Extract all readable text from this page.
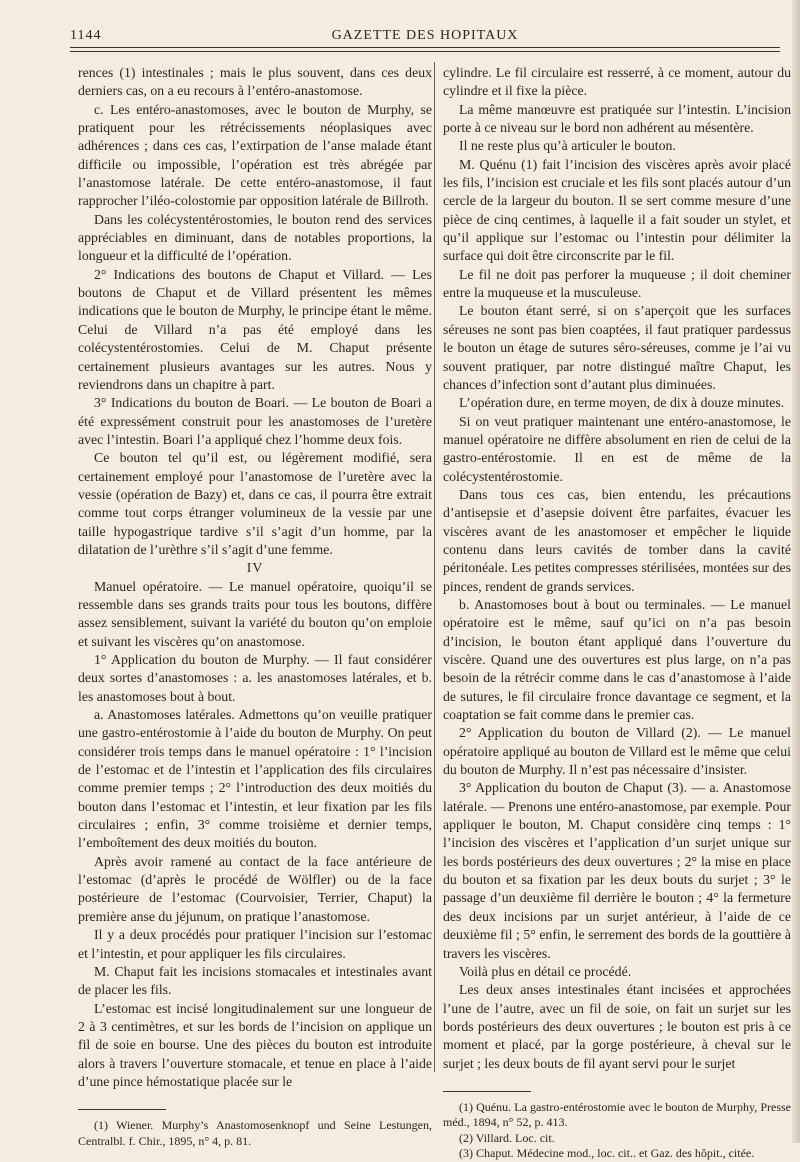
1144	GAZETTE DES HOPITAUX

rences (1) intestinales ; mais le plus souvent, dans ces deux derniers cas, on a eu recours à l’entéro-anastomose.

c. Les entéro-anastomoses, avec le bouton de Murphy, se pratiquent pour les rétrécissements néoplasiques avec adhérences ; dans ces cas, l’extirpation de l’anse malade étant difficile ou impossible, l’opération est très abrégée par l’anastomose latérale. De cette entéro-anastomose, il faut rapprocher l’iléo-colostomie par opposition latérale de Billroth.

Dans les colécystentérostomies, le bouton rend des services appréciables en diminuant, dans de notables proportions, la longueur et la difficulté de l’opération.

2° Indications des boutons de Chaput et Villard. — Les boutons de Chaput et de Villard présentent les mêmes indications que le bouton de Murphy, le principe étant le même. Celui de Villard n’a pas été employé dans les colécystentérostomies. Celui de M. Chaput présente certainement plusieurs avantages sur les autres. Nous y reviendrons dans un chapitre à part.

3° Indications du bouton de Boari. — Le bouton de Boari a été expressément construit pour les anastomoses de l’uretère avec l’intestin. Boari l’a appliqué chez l’homme deux fois.

Ce bouton tel qu’il est, ou légèrement modifié, sera certainement employé pour l’anastomose de l’uretère avec la vessie (opération de Bazy) et, dans ce cas, il pourra être extrait comme tout corps étranger volumineux de la vessie par une taille hypogastrique tardive s’il s’agit d’un homme, par la dilatation de l’urèthre s’il s’agit d’une femme.

IV

Manuel opératoire. — Le manuel opératoire, quoiqu’il se ressemble dans ses grands traits pour tous les boutons, diffère assez sensiblement, suivant la variété du bouton qu’on emploie et suivant les viscères qu’on anastomose.

1° Application du bouton de Murphy. — Il faut considérer deux sortes d’anastomoses : a. les anastomoses latérales, et b. les anastomoses bout à bout.

a. Anastomoses latérales. Admettons qu’on veuille pratiquer une gastro-entérostomie à l’aide du bouton de Murphy. On peut considérer trois temps dans le manuel opératoire : 1° l’incision de l’estomac et de l’intestin et l’application des fils circulaires comme premier temps ; 2° l’introduction des deux moitiés du bouton dans l’estomac et l’intestin, et leur fixation par les fils circulaires ; enfin, 3° comme troisième et dernier temps, l’emboîtement des deux moitiés du bouton.

Après avoir ramené au contact de la face antérieure de l’estomac (d’après le procédé de Wölfler) ou de la face postérieure de l’estomac (Courvoisier, Terrier, Chaput) la première anse du jéjunum, on pratique l’anastomose.

Il y a deux procédés pour pratiquer l’incision sur l’estomac et l’intestin, et pour appliquer les fils circulaires.

M. Chaput fait les incisions stomacales et intestinales avant de placer les fils.

L’estomac est incisé longitudinalement sur une longueur de 2 à 3 centimètres, et sur les bords de l’incision on applique un fil de soie en bourse. Une des pièces du bouton est introduite alors à travers l’ouverture stomacale, et tenue en place à l’aide d’une pince hémostatique placée sur le

(1) Wiener. Murphy’s Anastomosenknopf und Seine Lestungen, Centralbl. f. Chir., 1895, n° 4, p. 81.

cylindre. Le fil circulaire est resserré, à ce moment, autour du cylindre et il fixe la pièce.

La même manœuvre est pratiquée sur l’intestin. L’incision porte à ce niveau sur le bord non adhérent au mésentère.

Il ne reste plus qu’à articuler le bouton.

M. Quénu (1) fait l’incision des viscères après avoir placé les fils, l’incision est cruciale et les fils sont placés autour d’un cercle de la largeur du bouton. Il se sert comme mesure d’une pièce de cinq centimes, à laquelle il a fait souder un stylet, et qu’il applique sur l’estomac ou l’intestin pour délimiter la surface qui doit être circonscrite par le fil.

Le fil ne doit pas perforer la muqueuse ; il doit cheminer entre la muqueuse et la musculeuse.

Le bouton étant serré, si on s’aperçoit que les surfaces séreuses ne sont pas bien coaptées, il faut pratiquer pardessus le bouton un étage de sutures séro-séreuses, comme je l’ai vu souvent pratiquer, par notre distingué maître Chaput, les chances d’infection sont d’autant plus diminuées.

L’opération dure, en terme moyen, de dix à douze minutes.

Si on veut pratiquer maintenant une entéro-anastomose, le manuel opératoire ne diffère absolument en rien de celui de la gastro-entérostomie. Il en est de même de la colécystentérostomie.

Dans tous ces cas, bien entendu, les précautions d’antisepsie et d’asepsie doivent être parfaites, évacuer les viscères avant de les anastomoser et empêcher le liquide contenu dans leurs cavités de tomber dans la cavité péritonéale. Les petites compresses stérilisées, montées sur des pinces, rendent de grands services.

b. Anastomoses bout à bout ou terminales. — Le manuel opératoire est le même, sauf qu’ici on n’a pas besoin d’incision, le bouton étant appliqué dans l’ouverture du viscère. Quand une des ouvertures est plus large, on n’a pas besoin de la rétrécir comme dans le cas d’anastomose à l’aide de sutures, le fil circulaire fronce davantage ce segment, et la coaptation se fait comme dans le premier cas.

2° Application du bouton de Villard (2). — Le manuel opératoire appliqué au bouton de Villard est le même que celui du bouton de Murphy. Il n’est pas nécessaire d’insister.

3° Application du bouton de Chaput (3). — a. Anastomose latérale. — Prenons une entéro-anastomose, par exemple. Pour appliquer le bouton, M. Chaput considère cinq temps : 1° l’incision des viscères et l’application d’un surjet unique sur les bords postérieurs des deux ouvertures ; 2° la mise en place du bouton et sa fixation par les deux bouts du surjet ; 3° le passage d’un deuxième fil derrière le bouton ; 4° la fermeture des deux incisions par un surjet antérieur, à l’aide de ce deuxième fil ; 5° enfin, le serrement des bords de la gouttière à travers les viscères.

Voilà plus en détail ce procédé.

Les deux anses intestinales étant incisées et approchées l’une de l’autre, avec un fil de soie, on fait un surjet sur les bords postérieurs des deux ouvertures ; le bouton est pris à ce moment et placé, par la gorge postérieure, à cheval sur le surjet ; les deux bouts de fil ayant servi pour le surjet

(1) Quénu. La gastro-entérostomie avec le bouton de Murphy, Presse méd., 1894, n° 52, p. 413.

(2) Villard. Loc. cit.

(3) Chaput. Médecine mod., loc. cit.. et Gaz. des hôpit., citée.
